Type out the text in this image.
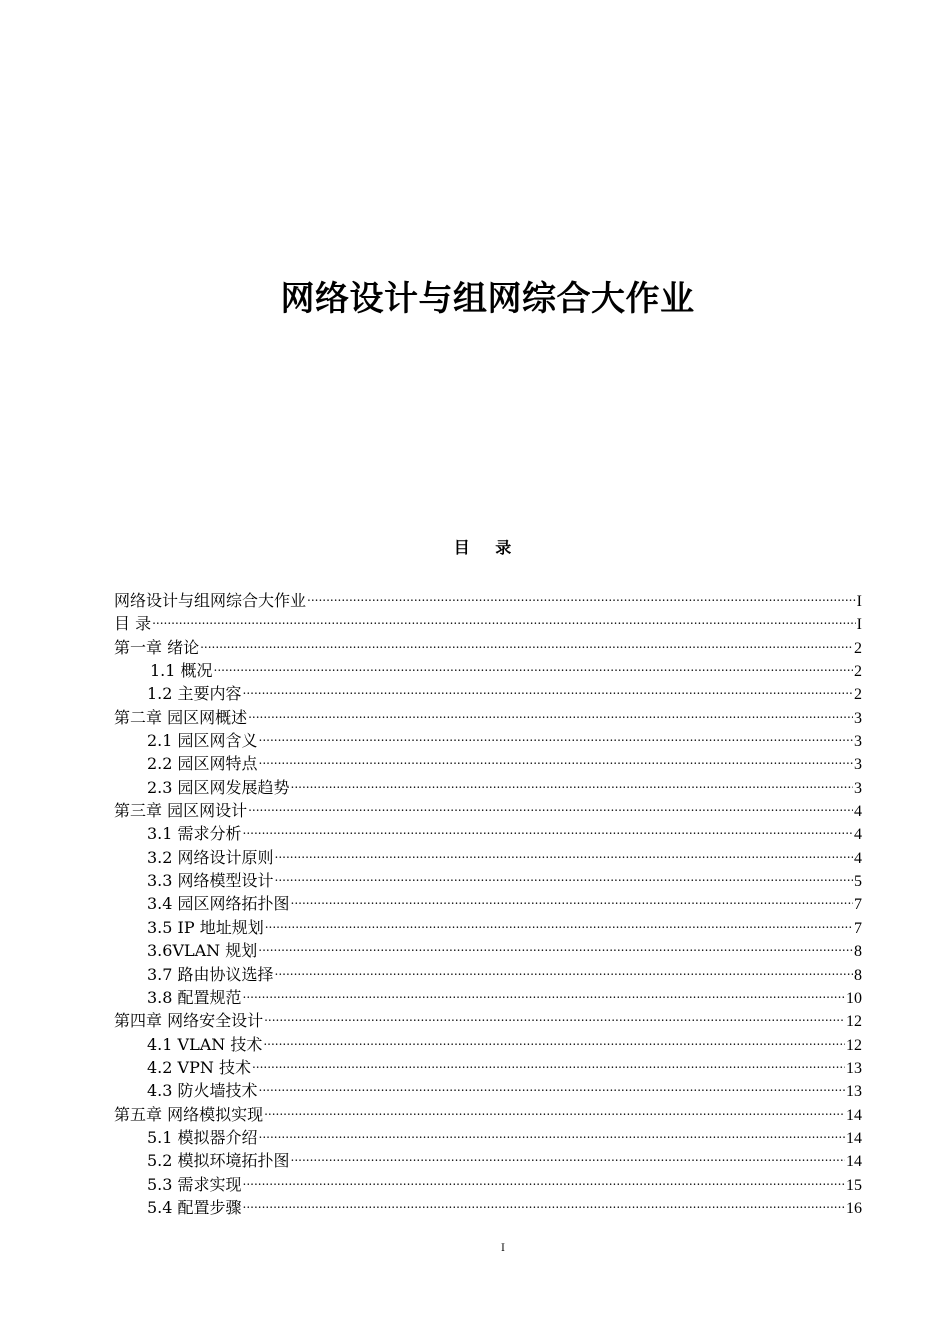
网络设计与组网综合大作业
目 录
网络设计与组网综合大作业 .....	I
目 录 .....	I
第一章 绪论 .....	2
1.1 概况 .....	2
1.2 主要内容 .....	2
第二章 园区网概述 .....	3
2.1 园区网含义 .....	3
2.2 园区网特点 .....	3
2.3 园区网发展趋势 .....	3
第三章 园区网设计 .....	4
3.1 需求分析 .....	4
3.2 网络设计原则 .....	4
3.3 网络模型设计 .....	5
3.4 园区网络拓扑图 .....	7
3.5 IP 地址规划 .....	7
3.6VLAN 规划 .....	8
3.7 路由协议选择 .....	8
3.8 配置规范 .....	10
第四章 网络安全设计 .....	12
4.1 VLAN 技术 .....	12
4.2 VPN 技术 .....	13
4.3 防火墙技术 .....	13
第五章 网络模拟实现 .....	14
5.1 模拟器介绍 .....	14
5.2 模拟环境拓扑图 .....	14
5.3 需求实现 .....	15
5.4 配置步骤 .....	16
I
